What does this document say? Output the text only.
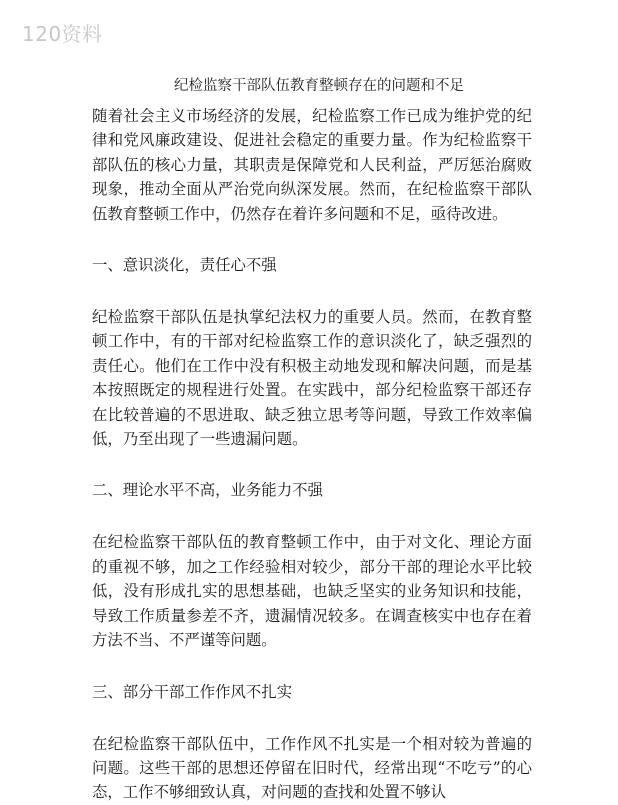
120资料

纪检监察干部队伍教育整顿存在的问题和不足

随着社会主义市场经济的发展，纪检监察工作已成为维护党的纪律和党风廉政建设、促进社会稳定的重要力量。作为纪检监察干部队伍的核心力量，其职责是保障党和人民利益，严厉惩治腐败现象，推动全面从严治党向纵深发展。然而，在纪检监察干部队伍教育整顿工作中，仍然存在着许多问题和不足，亟待改进。

一、意识淡化，责任心不强

纪检监察干部队伍是执掌纪法权力的重要人员。然而，在教育整顿工作中，有的干部对纪检监察工作的意识淡化了，缺乏强烈的责任心。他们在工作中没有积极主动地发现和解决问题，而是基本按照既定的规程进行处置。在实践中，部分纪检监察干部还存在比较普遍的不思进取、缺乏独立思考等问题，导致工作效率偏低，乃至出现了一些遗漏问题。

二、理论水平不高，业务能力不强

在纪检监察干部队伍的教育整顿工作中，由于对文化、理论方面的重视不够，加之工作经验相对较少，部分干部的理论水平比较低，没有形成扎实的思想基础，也缺乏坚实的业务知识和技能，导致工作质量参差不齐，遗漏情况较多。在调查核实中也存在着方法不当、不严谨等问题。

三、部分干部工作作风不扎实

在纪检监察干部队伍中，工作作风不扎实是一个相对较为普遍的问题。这些干部的思想还停留在旧时代，经常出现“不吃亏”的心态，工作不够细致认真，对问题的查找和处置不够认
